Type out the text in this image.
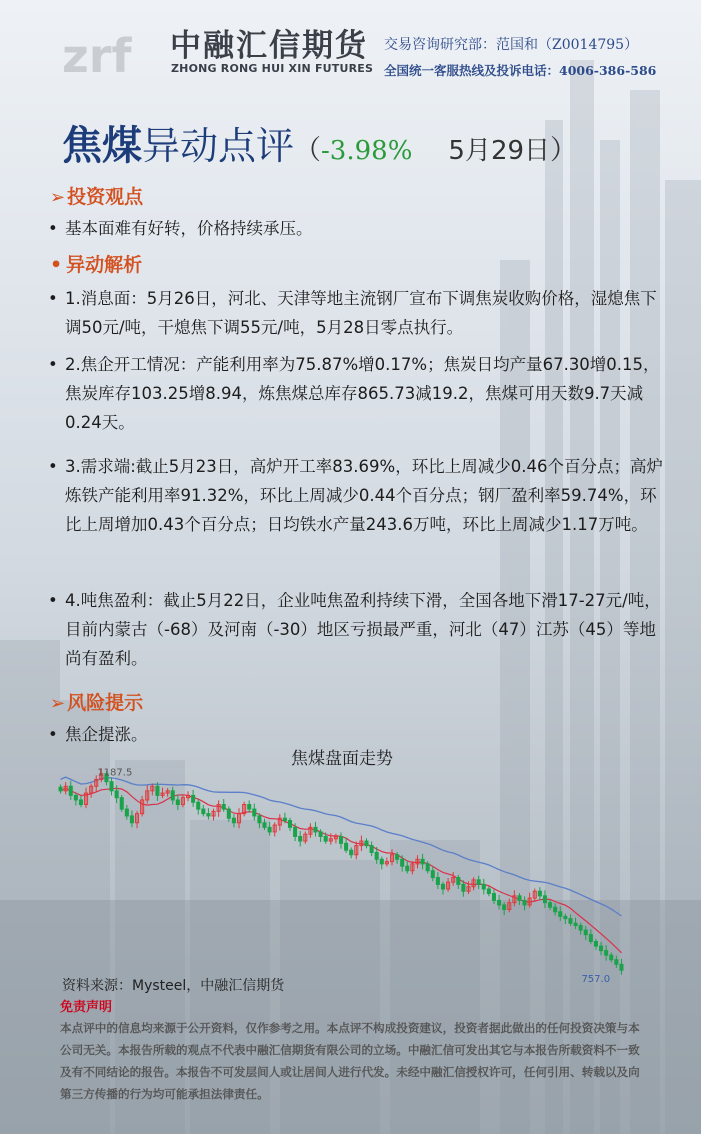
zrf 中融汇信期货
ZHONG RONG HUI XIN FUTURES
交易咨询研究部：范国和（Z0014795）
全国统一客服热线及投诉电话：4006-386-586
焦煤异动点评（-3.98% 5月29日）
➢ 投资观点
• 基本面难有好转，价格持续承压。
• 异动解析
• 1.消息面：5月26日，河北、天津等地主流钢厂宣布下调焦炭收购价格，湿熄焦下调50元/吨，干熄焦下调55元/吨，5月28日零点执行。
• 2.焦企开工情况：产能利用率为75.87%增0.17%；焦炭日均产量67.30增0.15，焦炭库存103.25增8.94，炼焦煤总库存865.73减19.2，焦煤可用天数9.7天减0.24天。
• 3.需求端:截止5月23日，高炉开工率83.69%，环比上周减少0.46个百分点；高炉炼铁产能利用率91.32%，环比上周减少0.44个百分点；钢厂盈利率59.74%，环比上周增加0.43个百分点；日均铁水产量243.6万吨，环比上周减少1.17万吨。
• 4.吨焦盈利：截止5月22日，企业吨焦盈利持续下滑，全国各地下滑17-27元/吨，目前内蒙古（-68）及河南（-30）地区亏损最严重，河北（47）江苏（45）等地尚有盈利。
➢ 风险提示
• 焦企提涨。
焦煤盘面走势
1187.5
757.0
资料来源：Mysteel，中融汇信期货
免责声明
本点评中的信息均来源于公开资料，仅作参考之用。本点评不构成投资建议，投资者据此做出的任何投资决策与本公司无关。本报告所载的观点不代表中融汇信期货有限公司的立场。中融汇信可发出其它与本报告所载资料不一致及有不同结论的报告。本报告不可发层间人或让居间人进行代发。未经中融汇信授权许可，任何引用、转载以及向第三方传播的行为均可能承担法律责任。
